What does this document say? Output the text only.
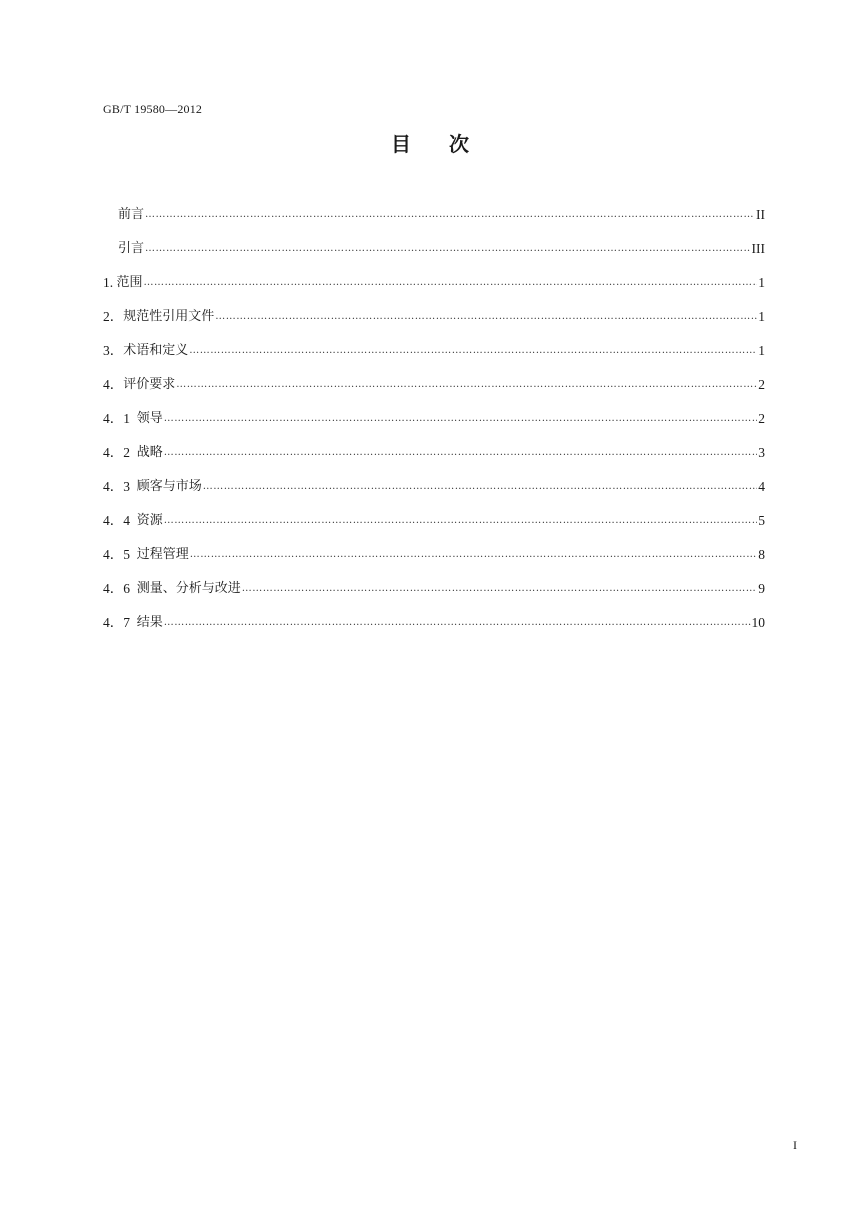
GB/T 19580—2012
目次
前言 ……………………………………………………………………………………………………………………………………………………………………………………………………………………………………………………………………………………	II
引言 ……………………………………………………………………………………………………………………………………………………………………………………………………………………………………………………………………………………	III
1. 范围 ……………………………………………………………………………………………………………………………………………………………………………………………………………………………………………………………………………………	1
2． 规范性引用文件 ……………………………………………………………………………………………………………………………………………………………………………………………………………………………………………………………………………………	1
3． 术语和定义 ……………………………………………………………………………………………………………………………………………………………………………………………………………………………………………………………………………………	1
4． 评价要求 ……………………………………………………………………………………………………………………………………………………………………………………………………………………………………………………………………………………	2
4．1 领导 ……………………………………………………………………………………………………………………………………………………………………………………………………………………………………………………………………………………	2
4．2 战略 ……………………………………………………………………………………………………………………………………………………………………………………………………………………………………………………………………………………	3
4．3 顾客与市场 ……………………………………………………………………………………………………………………………………………………………………………………………………………………………………………………………………………………	4
4．4 资源 ……………………………………………………………………………………………………………………………………………………………………………………………………………………………………………………………………………………	5
4．5 过程管理 ……………………………………………………………………………………………………………………………………………………………………………………………………………………………………………………………………………………	8
4．6 测量、分析与改进 ……………………………………………………………………………………………………………………………………………………………………………………………………………………………………………………………………………………	9
4．7 结果 ……………………………………………………………………………………………………………………………………………………………………………………………………………………………………………………………………………………	10
I
